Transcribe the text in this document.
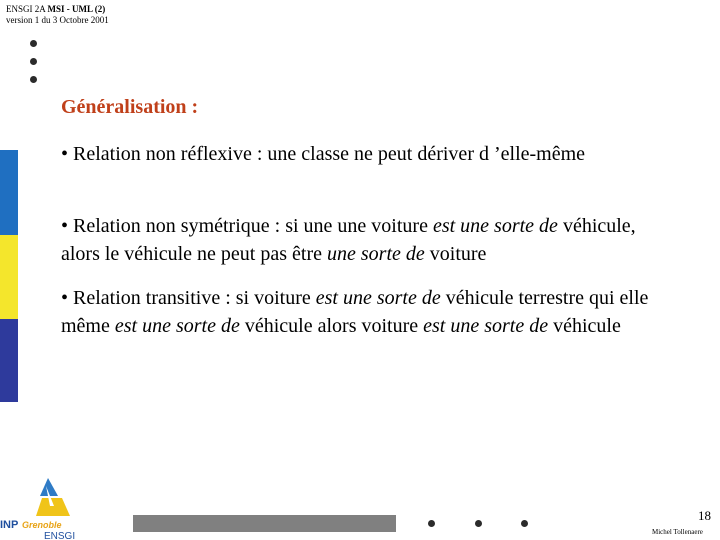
ENSGI 2A MSI - UML (2)
version 1 du 3 Octobre 2001
Généralisation :
• Relation non réflexive : une classe ne peut dériver d ’elle-même
• Relation non symétrique : si une une voiture est une sorte de véhicule, alors le véhicule ne peut pas être une sorte de voiture
• Relation transitive : si voiture est une sorte de véhicule terrestre qui elle même est une sorte de véhicule alors voiture est une sorte de véhicule
18
Michel Tollenaere
INP Grenoble
ENSGI
